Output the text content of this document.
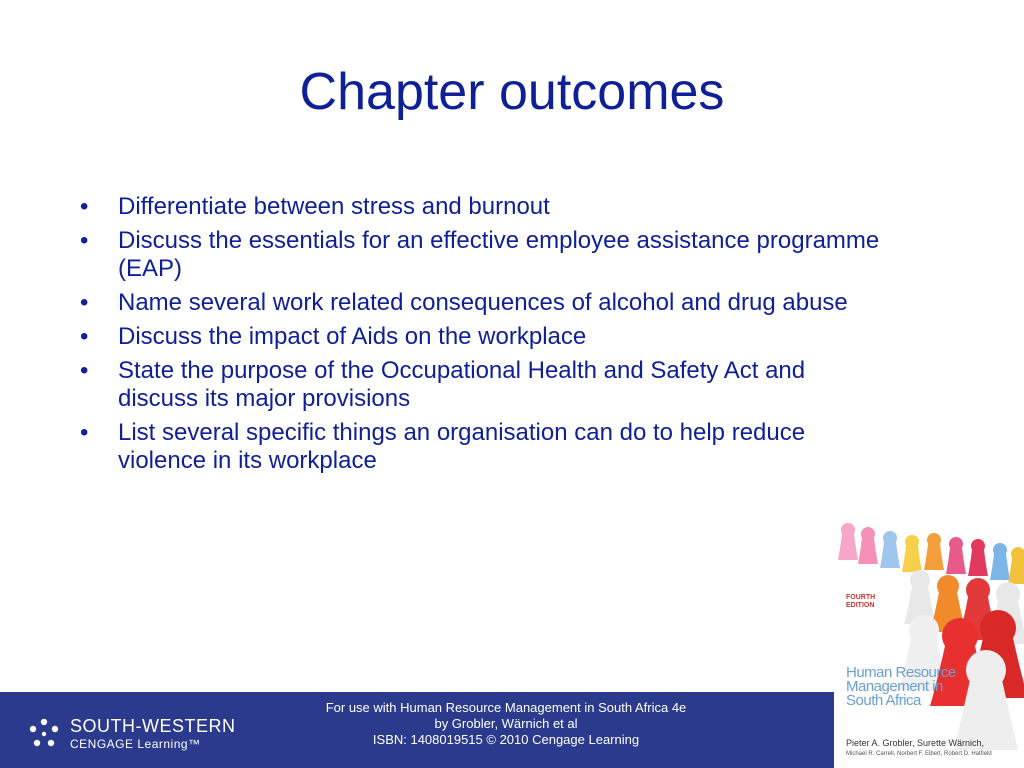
Chapter outcomes
• Differentiate between stress and burnout
• Discuss the essentials for an effective employee assistance programme (EAP)
• Name several work related consequences of alcohol and drug abuse
• Discuss the impact of Aids on the workplace
• State the purpose of the Occupational Health and Safety Act and discuss its major provisions
• List several specific things an organisation can do to help reduce violence in its workplace
FOURTH EDITION
Human Resource Management in South Africa
Pieter A. Grobler, Surette Wärnich,
Michael R. Carrell, Norbert F. Elbert, Robert D. Hatfield
SOUTH-WESTERN
CENGAGE Learning™
For use with Human Resource Management in South Africa 4e
by Grobler, Wärnich et al
ISBN: 1408019515 © 2010 Cengage Learning
